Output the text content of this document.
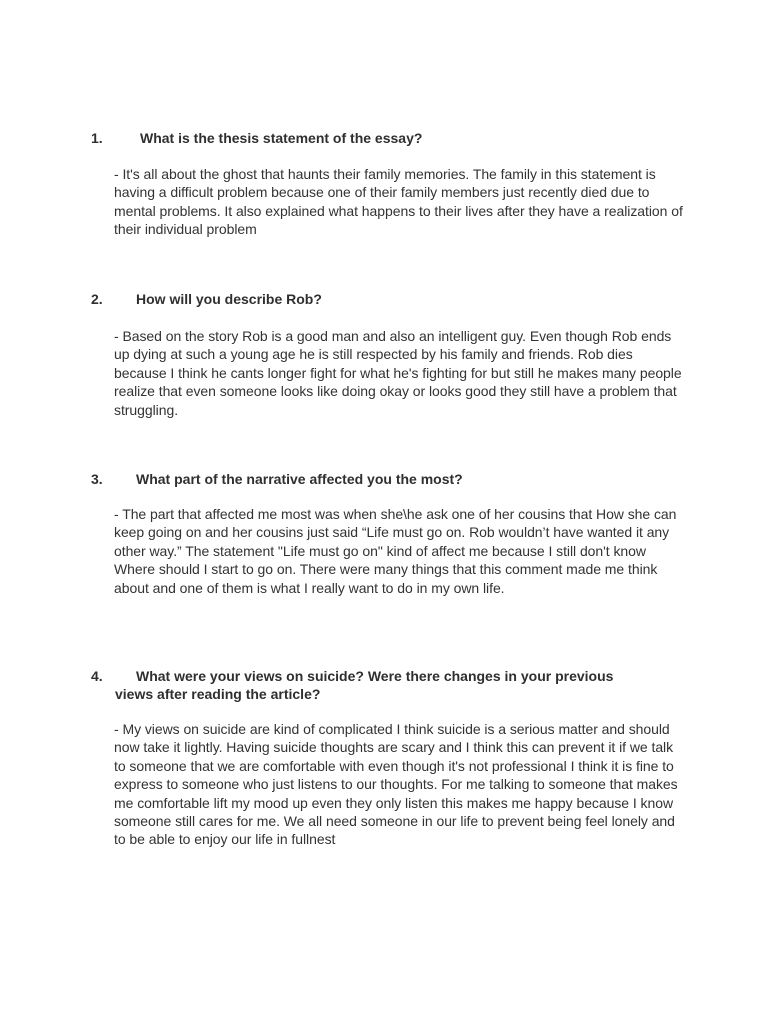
1.	What is the thesis statement of the essay?
- It's all about the ghost that haunts their family memories. The family in this statement is having a difficult problem because one of their family members just recently died due to mental problems. It also explained what happens to their lives after they have a realization of their individual problem
2. How will you describe Rob?
- Based on the story Rob is a good man and also an intelligent guy. Even though Rob ends up dying at such a young age he is still respected by his family and friends. Rob dies because I think he cants longer fight for what he's fighting for but still he makes many people realize that even someone looks like doing okay or looks good they still have a problem that struggling.
3. What part of the narrative affected you the most?
- The part that affected me most was when she\he ask one of her cousins that How she can keep going on and her cousins just said “Life must go on. Rob wouldn’t have wanted it any other way.” The statement "Life must go on" kind of affect me because I still don't know Where should I start to go on. There were many things that this comment made me think about and one of them is what I really want to do in my own life.
4. What were your views on suicide? Were there changes in your previous
views after reading the article?
- My views on suicide are kind of complicated I think suicide is a serious matter and should now take it lightly. Having suicide thoughts are scary and I think this can prevent it if we talk to someone that we are comfortable with even though it's not professional I think it is fine to express to someone who just listens to our thoughts. For me talking to someone that makes me comfortable lift my mood up even they only listen this makes me happy because I know someone still cares for me. We all need someone in our life to prevent being feel lonely and to be able to enjoy our life in fullnest
